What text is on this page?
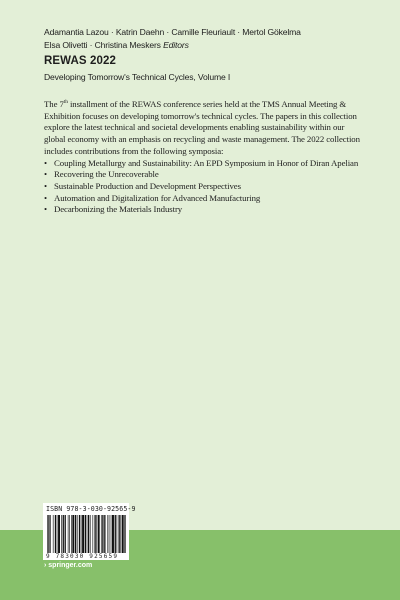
Adamantia Lazou · Katrin Daehn · Camille Fleuriault · Mertol Gökelma
Elsa Olivetti · Christina Meskers Editors
REWAS 2022
Developing Tomorrow's Technical Cycles, Volume I

The 7th installment of the REWAS conference series held at the TMS Annual Meeting & Exhibition focuses on developing tomorrow's technical cycles. The papers in this collection explore the latest technical and societal developments enabling sustainability within our global economy with an emphasis on recycling and waste management. The 2022 collection includes contributions from the following symposia:

• Coupling Metallurgy and Sustainability: An EPD Symposium in Honor of Diran Apelian
• Recovering the Unrecoverable
• Sustainable Production and Development Perspectives
• Automation and Digitalization for Advanced Manufacturing
• Decarbonizing the Materials Industry
ISBN 978-3-030-92565-9
9 783030 925659
› springer.com
